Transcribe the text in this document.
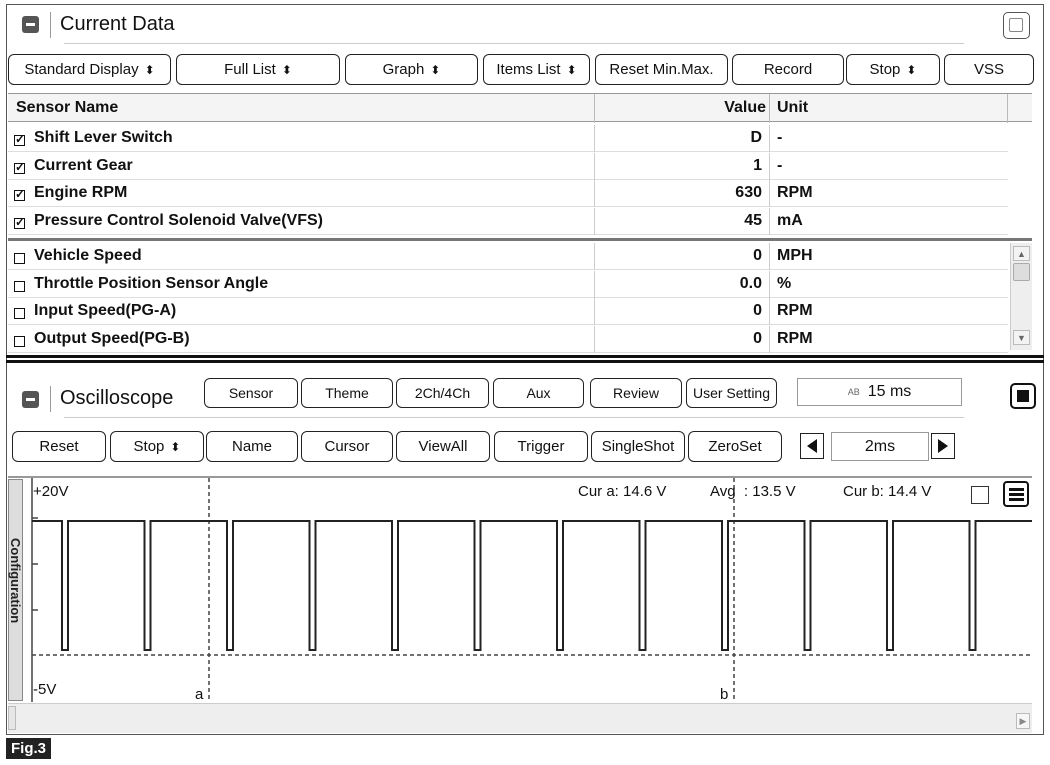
Current Data
Standard Display ⬍	Full List ⬍	Graph ⬍	Items List ⬍ Reset Min.Max.	Record	Stop ⬍	VSS
Sensor Name	Value Unit
✓
Shift Lever Switch	D -
✓
Current Gear	1 -
✓
Engine RPM	630 RPM
✓
Pressure Control Solenoid Valve(VFS)	45 mA
Vehicle Speed	0 MPH
Throttle Position Sensor Angle	0.0 %
Input Speed(PG-A)	0 RPM
Output Speed(PG-B)	0 RPM
▲
▼
Oscilloscope	Sensor	Theme	2Ch/4Ch	Aux	Review User Setting	AB 15 ms
Reset	Stop ⬍	Name	Cursor	ViewAll	Trigger SingleShot ZeroSet	2ms
Configuration
+20V
-5V
Cur a: 14.6 V	Avg  : 13.5 V	Cur b: 14.4 V
a	b
▶
Fig.3
